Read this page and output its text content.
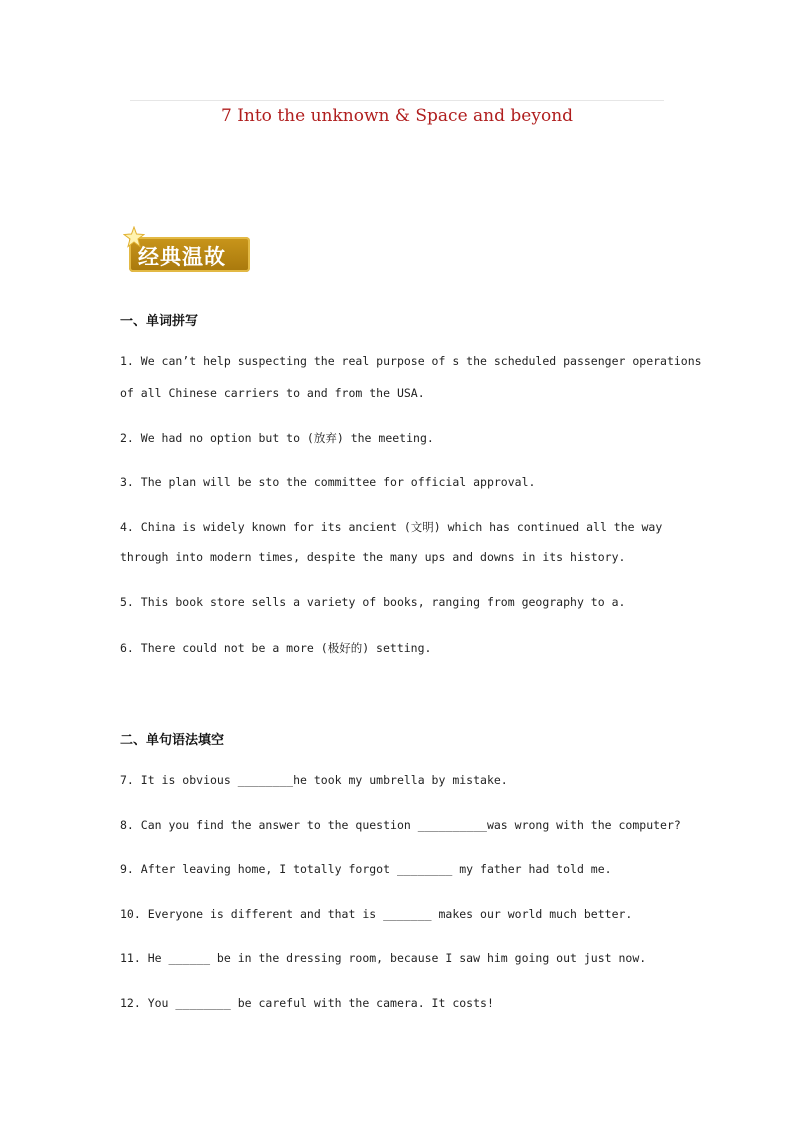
7 Into the unknown & Space and beyond
经典温故
一、单词拼写
1. We can’t help suspecting the real purpose of s the scheduled passenger operations
of all Chinese carriers to and from the USA.
2. We had no option but to (放弃) the meeting.
3. The plan will be sto the committee for official approval.
4. China is widely known for its ancient (文明) which has continued all the way
through into modern times, despite the many ups and downs in its history.
5. This book store sells a variety of books, ranging from geography to a.
6. There could not be a more (极好的) setting.
二、单句语法填空
7. It is obvious ________he took my umbrella by mistake.
8. Can you find the answer to the question __________was wrong with the computer?
9. After leaving home, I totally forgot ________ my father had told me.
10. Everyone is different and that is _______ makes our world much better.
11. He ______ be in the dressing room, because I saw him going out just now.
12. You ________ be careful with the camera. It costs!
